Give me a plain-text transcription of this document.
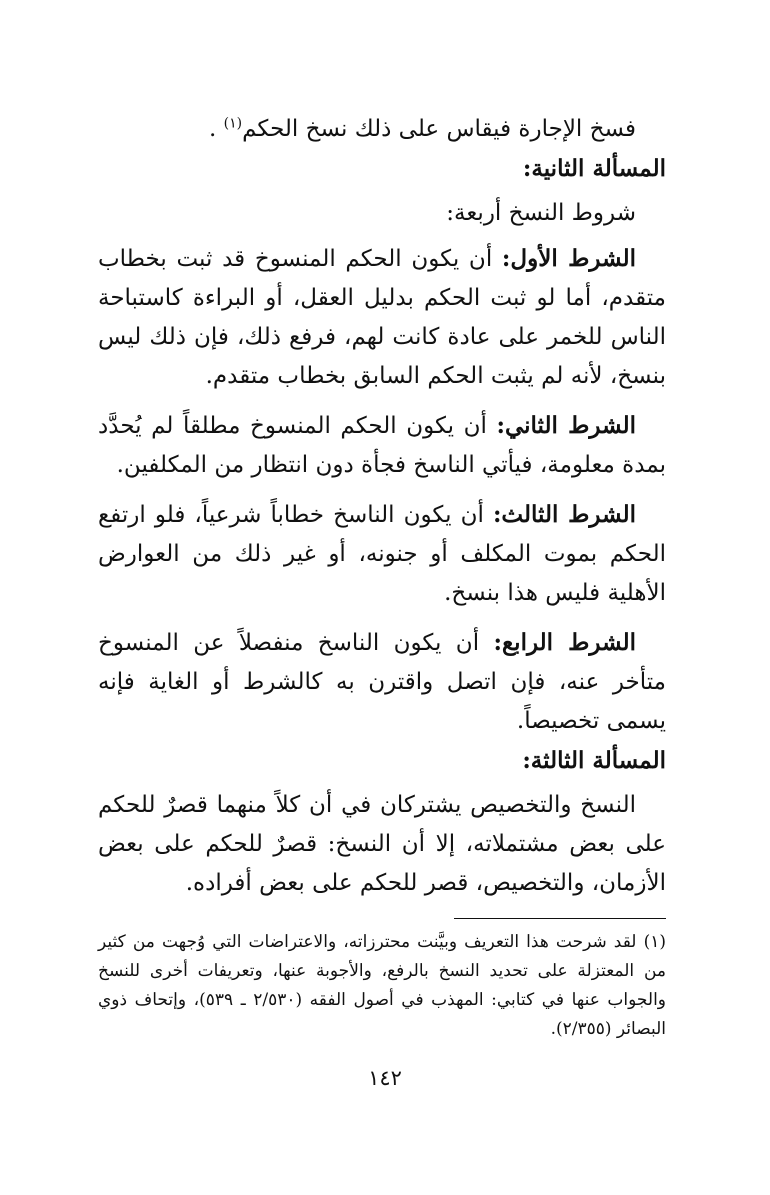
فسخ الإجارة فيقاس على ذلك نسخ الحكم$^{(١)}$ .

المسألة الثانية:

شروط النسخ أربعة:

الشرط الأول: أن يكون الحكم المنسوخ قد ثبت بخطاب متقدم، أما لو ثبت الحكم بدليل العقل، أو البراءة كاستباحة الناس للخمر على عادة كانت لهم، فرفع ذلك، فإن ذلك ليس بنسخ، لأنه لم يثبت الحكم السابق بخطاب متقدم.

الشرط الثاني: أن يكون الحكم المنسوخ مطلقاً لم يُحدَّد بمدة معلومة، فيأتي الناسخ فجأة دون انتظار من المكلفين.

الشرط الثالث: أن يكون الناسخ خطاباً شرعياً، فلو ارتفع الحكم بموت المكلف أو جنونه، أو غير ذلك من العوارض الأهلية فليس هذا بنسخ.

الشرط الرابع: أن يكون الناسخ منفصلاً عن المنسوخ متأخر عنه، فإن اتصل واقترن به كالشرط أو الغاية فإنه يسمى تخصيصاً.

المسألة الثالثة:

النسخ والتخصيص يشتركان في أن كلاً منهما قصرٌ للحكم على بعض مشتملاته، إلا أن النسخ: قصرٌ للحكم على بعض الأزمان، والتخصيص، قصر للحكم على بعض أفراده.

(١) لقد شرحت هذا التعريف وبيَّنت محترزاته، والاعتراضات التي وُجهت من كثير من المعتزلة على تحديد النسخ بالرفع، والأجوبة عنها، وتعريفات أخرى للنسخ والجواب عنها في كتابي: المهذب في أصول الفقه (٢/٥٣٠ ـ ٥٣٩)، وإتحاف ذوي البصائر (٢/٣٥٥).

١٤٢
